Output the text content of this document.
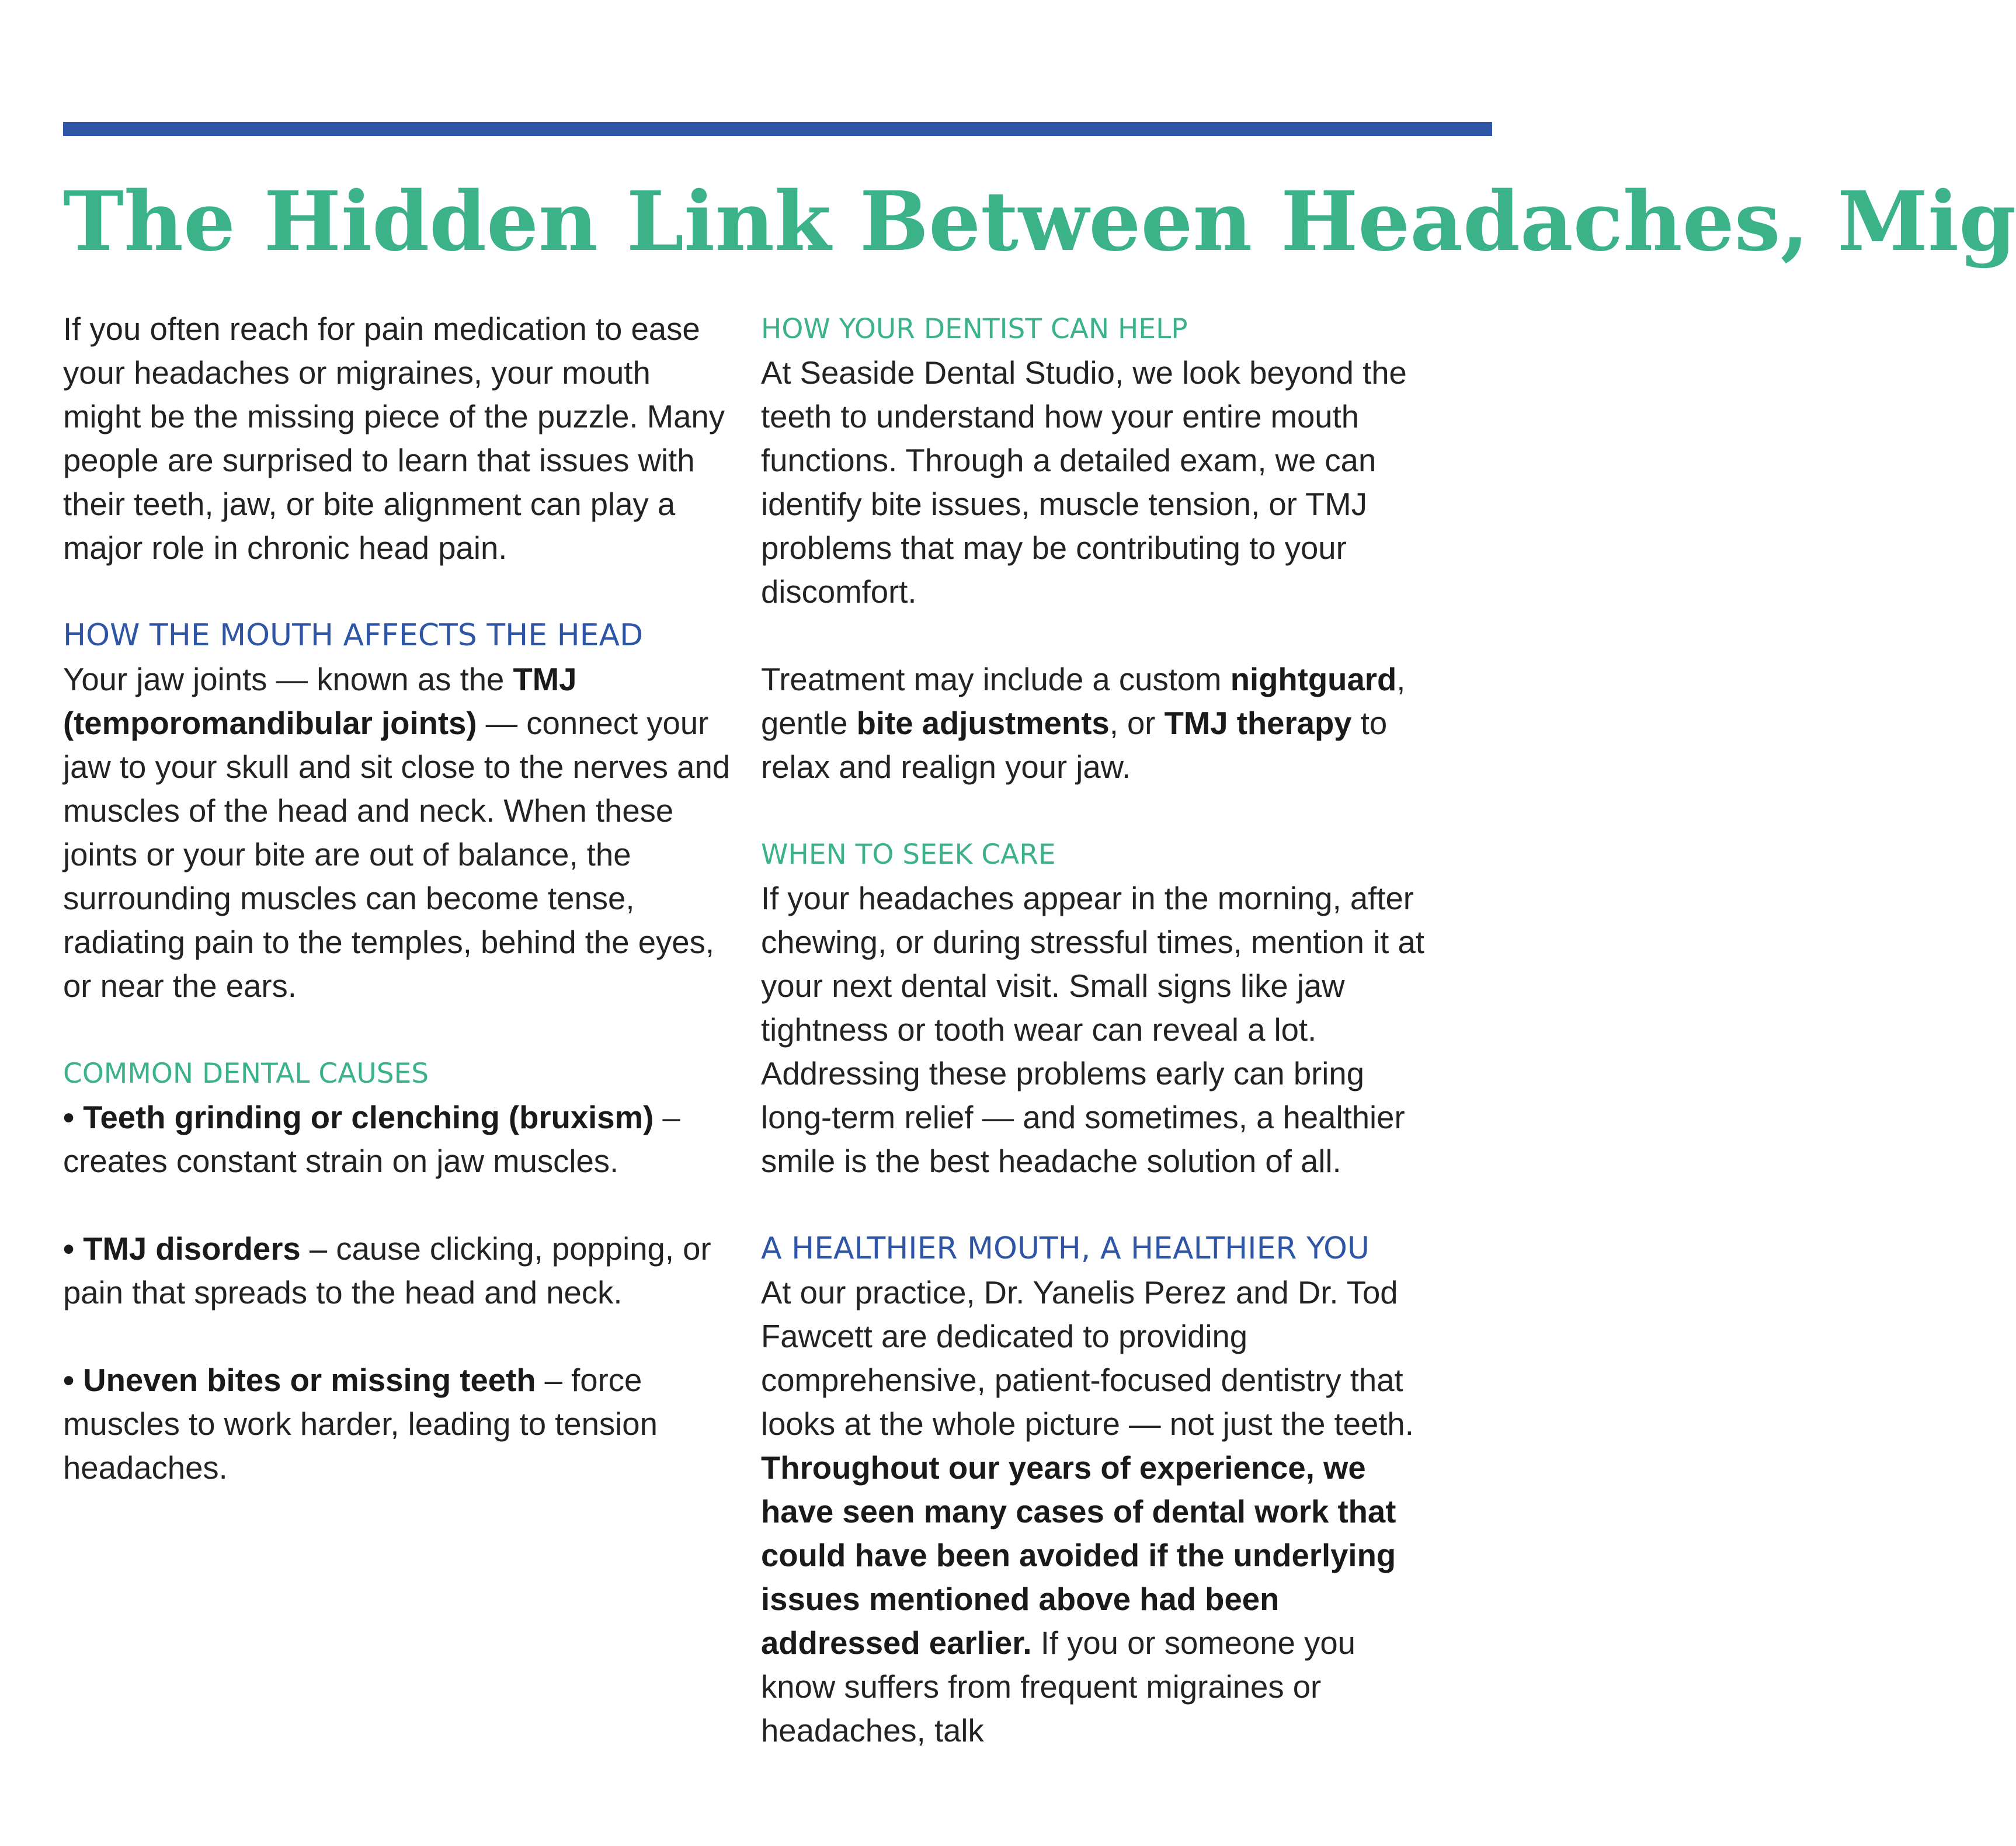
The Hidden Link Between Headaches, Mig

If you often reach for pain medication to ease your headaches or migraines, your mouth might be the missing piece of the puzzle. Many people are surprised to learn that issues with their teeth, jaw, or bite alignment can play a major role in chronic head pain.

HOW THE MOUTH AFFECTS THE HEAD

Your jaw joints — known as the TMJ (temporomandibular joints) — connect your jaw to your skull and sit close to the nerves and muscles of the head and neck. When these joints or your bite are out of balance, the surrounding muscles can become tense, radiating pain to the temples, behind the eyes, or near the ears.

COMMON DENTAL CAUSES

• Teeth grinding or clenching (bruxism) – creates constant strain on jaw muscles.

• TMJ disorders – cause clicking, popping, or pain that spreads to the head and neck.

• Uneven bites or missing teeth – force muscles to work harder, leading to tension headaches.

HOW YOUR DENTIST CAN HELP

At Seaside Dental Studio, we look beyond the teeth to understand how your entire mouth functions. Through a detailed exam, we can identify bite issues, muscle tension, or TMJ problems that may be contributing to your discomfort.

Treatment may include a custom nightguard, gentle bite adjustments, or TMJ therapy to relax and realign your jaw.

WHEN TO SEEK CARE

If your headaches appear in the morning, after chewing, or during stressful times, mention it at your next dental visit. Small signs like jaw tightness or tooth wear can reveal a lot. Addressing these problems early can bring long-term relief — and sometimes, a healthier smile is the best headache solution of all.

A HEALTHIER MOUTH, A HEALTHIER YOU

At our practice, Dr. Yanelis Perez and Dr. Tod Fawcett are dedicated to providing comprehensive, patient-focused dentistry that looks at the whole picture — not just the teeth. Throughout our years of experience, we have seen many cases of dental work that could have been avoided if the underlying issues mentioned above had been addressed earlier. If you or someone you know suffers from frequent migraines or headaches, talk
